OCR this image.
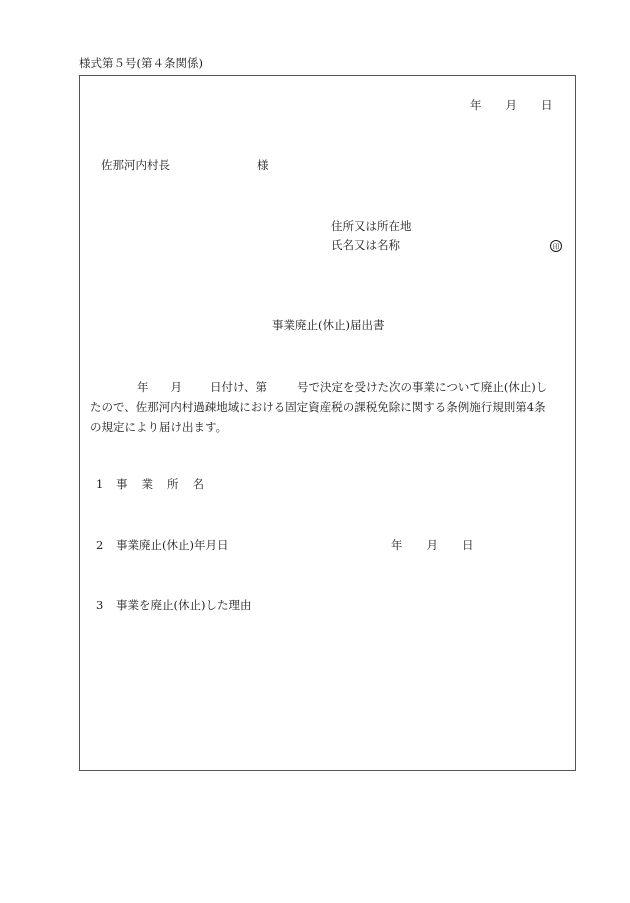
様式第５号(第４条関係)
年 月 日
佐那河内村長	様
住所又は所在地
氏名又は名称	印
事業廃止(休止)届出書
年 月 日付け、第	号で決定を受けた次の事業について廃止(休止)し
たので、佐那河内村過疎地域における固定資産税の課税免除に関する条例施行規則第4条
の規定により届け出ます。
1 事 業 所 名
2 事業廃止(休止)年月日	年 月 日
3 事業を廃止(休止)した理由
